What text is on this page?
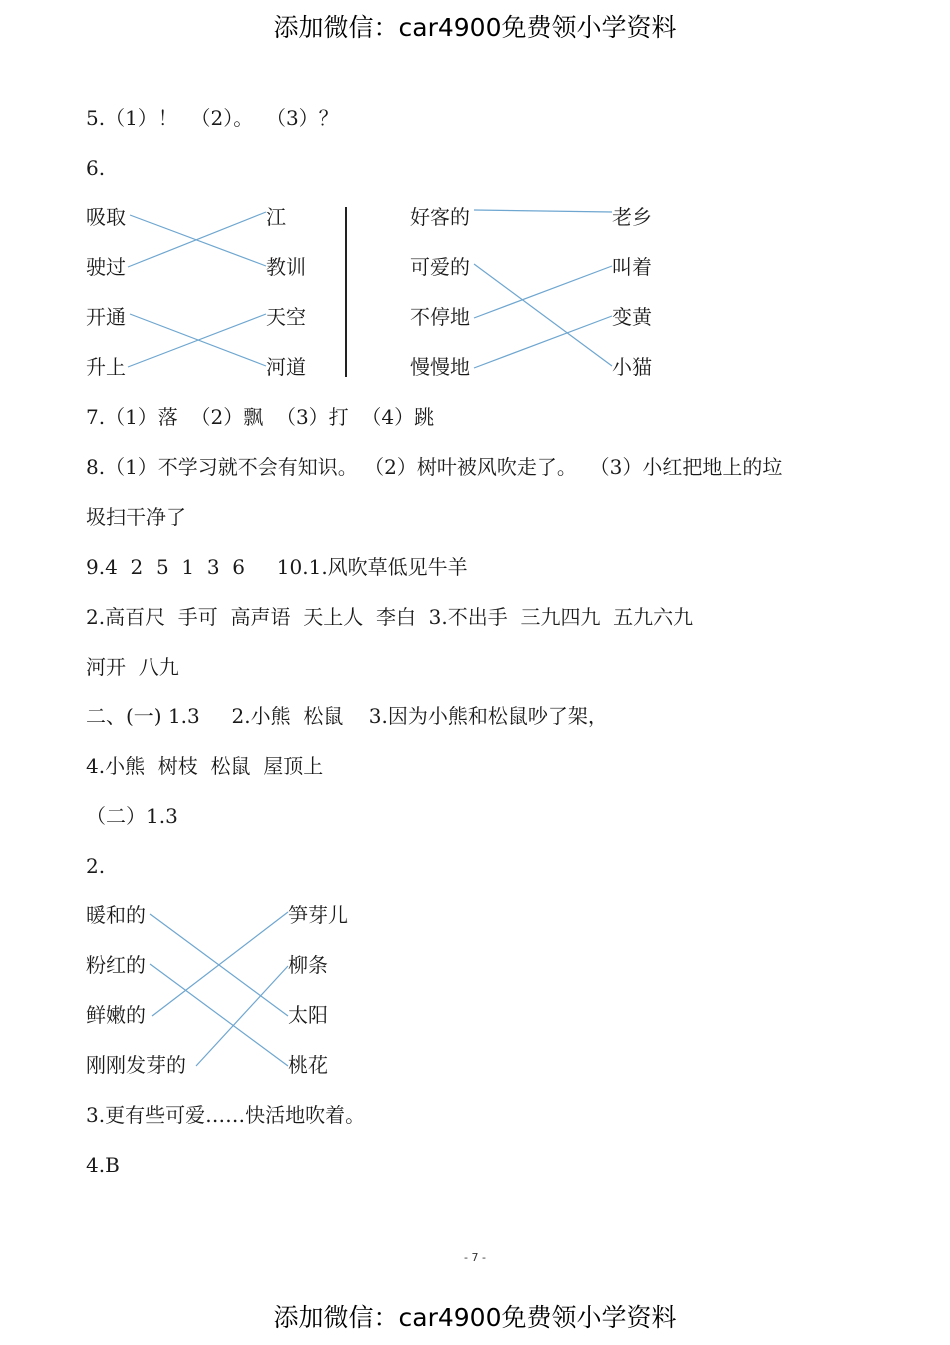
添加微信：car4900免费领小学资料
5.（1）！  （2）。  （3）？
6.
吸取
驶过
开通
升上
江
教训
天空
河道
好客的
可爱的
不停地
慢慢地
老乡
叫着
变黄
小猫
7.（1）落  （2）飘  （3）打  （4）跳
8.（1）不学习就不会有知识。 （2）树叶被风吹走了。  （3）小红把地上的垃
圾扫干净了
9.4  2  5  1  3  6     10.1.风吹草低见牛羊
2.高百尺  手可  高声语  天上人  李白  3.不出手  三九四九  五九六九
河开  八九
二、(一) 1.3     2.小熊  松鼠    3.因为小熊和松鼠吵了架，
4.小熊  树枝  松鼠  屋顶上
（二）1.3
2.
暖和的
粉红的
鲜嫩的
刚刚发芽的
笋芽儿
柳条
太阳
桃花
3.更有些可爱……快活地吹着。
4.B
- 7 -
添加微信：car4900免费领小学资料
